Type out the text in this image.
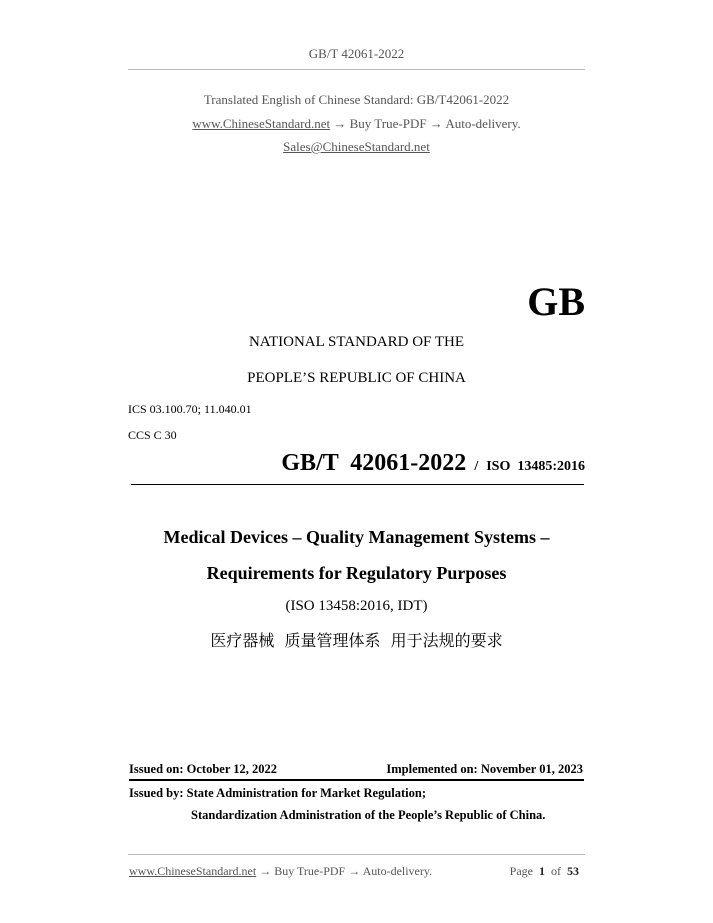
GB/T 42061-2022
Translated English of Chinese Standard: GB/T42061-2022
www.ChineseStandard.net → Buy True-PDF → Auto-delivery.
Sales@ChineseStandard.net
GB
NATIONAL STANDARD OF THE
PEOPLE’S REPUBLIC OF CHINA
ICS 03.100.70; 11.040.01
CCS C 30
GB/T  42061-2022 / ISO  13485:2016
Medical Devices – Quality Management Systems –
Requirements for Regulatory Purposes
(ISO 13458:2016, IDT)
医疗器械  质量管理体系  用于法规的要求
Issued on: October 12, 2022	Implemented on: November 01, 2023
Issued by: State Administration for Market Regulation;
Standardization Administration of the People’s Republic of China.
www.ChineseStandard.net → Buy True-PDF → Auto-delivery.	Page 1 of 53
